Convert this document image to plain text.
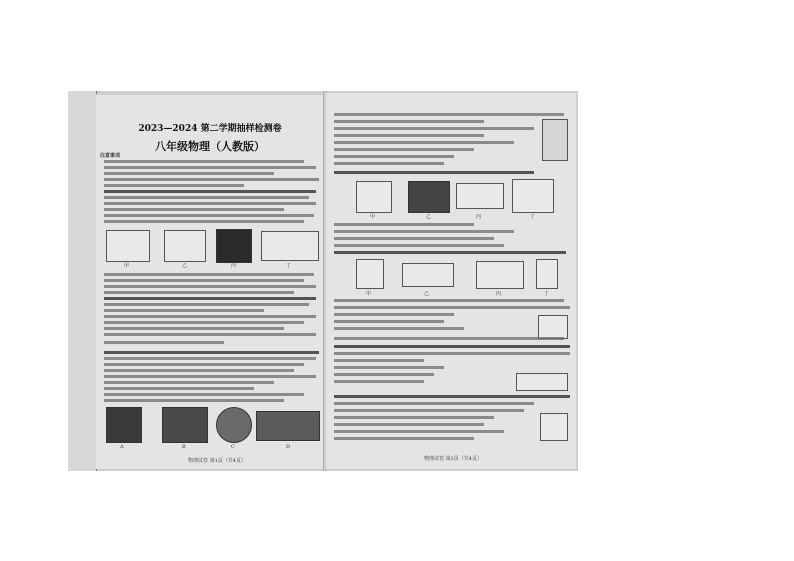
2023—2024 第二学期抽样检测卷
八年级物理（人教版）
注意事项
甲	乙	丙	丁
A	B	C	D
物理试卷 第1页（共4页）
甲	乙	丙	丁
甲	乙	丙	丁
物理试卷 第2页（共4页）
